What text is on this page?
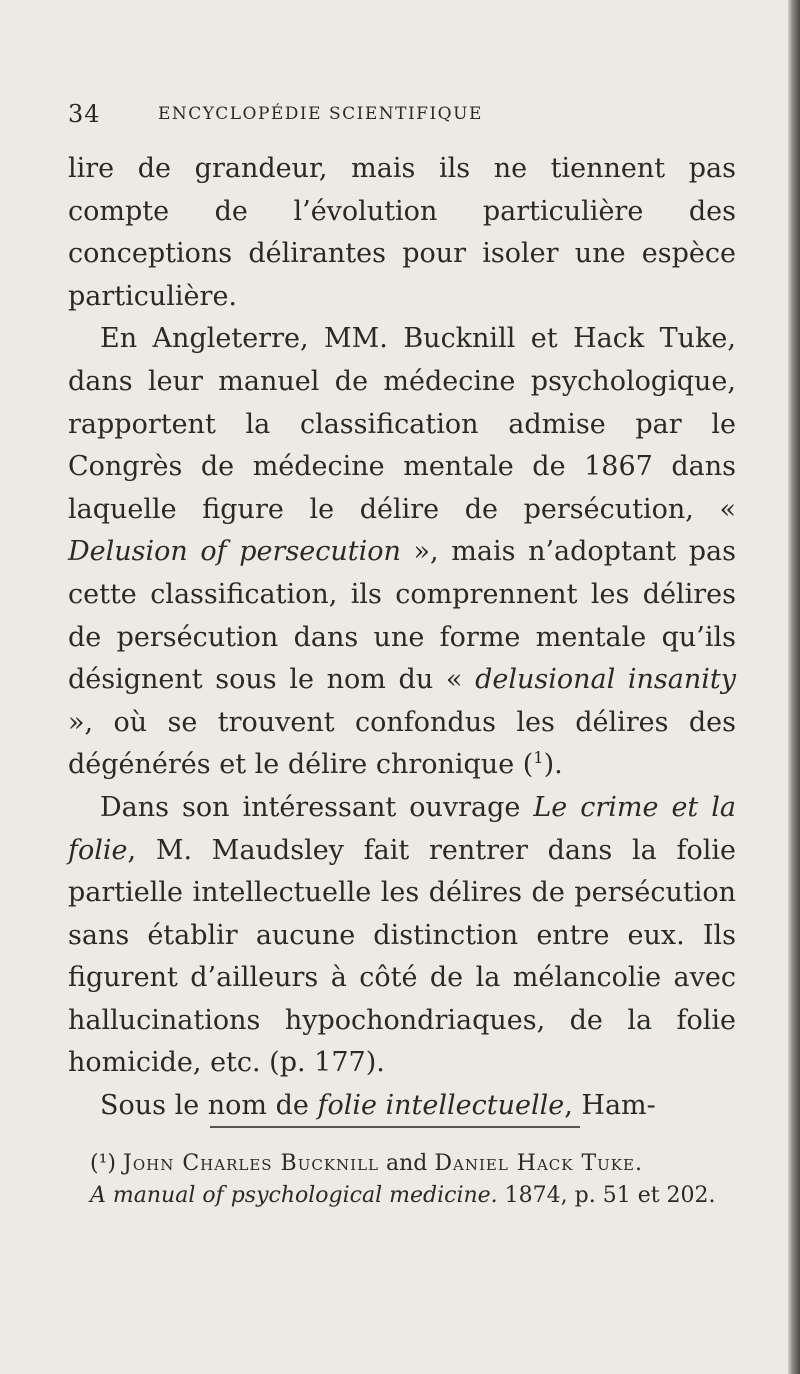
34	ENCYCLOPÉDIE SCIENTIFIQUE

lire de grandeur, mais ils ne tiennent pas compte de l’évolution particulière des conceptions délirantes pour isoler une espèce particulière.

En Angleterre, MM. Bucknill et Hack Tuke, dans leur manuel de médecine psychologique, rapportent la classification admise par le Congrès de médecine mentale de 1867 dans laquelle figure le délire de persécution, « Delusion of persecution », mais n’adoptant pas cette classification, ils comprennent les délires de persécution dans une forme mentale qu’ils désignent sous le nom du « delusional insanity », où se trouvent confondus les délires des dégénérés et le délire chronique ($^1$).

Dans son intéressant ouvrage Le crime et la folie, M. Maudsley fait rentrer dans la folie partielle intellectuelle les délires de persécution sans établir aucune distinction entre eux. Ils figurent d’ailleurs à côté de la mélancolie avec hallucinations hypochondriaques, de la folie homicide, etc. (p. 177).

Sous le nom de folie intellectuelle, Ham-

(¹) John Charles Bucknill and Daniel Hack Tuke.
A manual of psychological medicine. 1874, p. 51 et 202.
